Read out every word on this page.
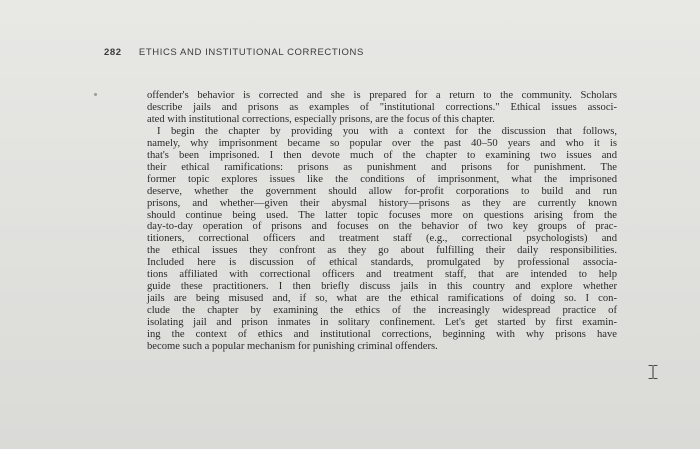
282 ETHICS AND INSTITUTIONAL CORRECTIONS
offender's behavior is corrected and she is prepared for a return to the community. Scholars
describe jails and prisons as examples of "institutional corrections." Ethical issues associ-
ated with institutional corrections, especially prisons, are the focus of this chapter.
I begin the chapter by providing you with a context for the discussion that follows,
namely, why imprisonment became so popular over the past 40–50 years and who it is
that's been imprisoned. I then devote much of the chapter to examining two issues and
their ethical ramifications: prisons as punishment and prisons for punishment. The
former topic explores issues like the conditions of imprisonment, what the imprisoned
deserve, whether the government should allow for-profit corporations to build and run
prisons, and whether—given their abysmal history—prisons as they are currently known
should continue being used. The latter topic focuses more on questions arising from the
day-to-day operation of prisons and focuses on the behavior of two key groups of prac-
titioners, correctional officers and treatment staff (e.g., correctional psychologists) and
the ethical issues they confront as they go about fulfilling their daily responsibilities.
Included here is discussion of ethical standards, promulgated by professional associa-
tions affiliated with correctional officers and treatment staff, that are intended to help
guide these practitioners. I then briefly discuss jails in this country and explore whether
jails are being misused and, if so, what are the ethical ramifications of doing so. I con-
clude the chapter by examining the ethics of the increasingly widespread practice of
isolating jail and prison inmates in solitary confinement. Let's get started by first examin-
ing the context of ethics and institutional corrections, beginning with why prisons have
become such a popular mechanism for punishing criminal offenders.
